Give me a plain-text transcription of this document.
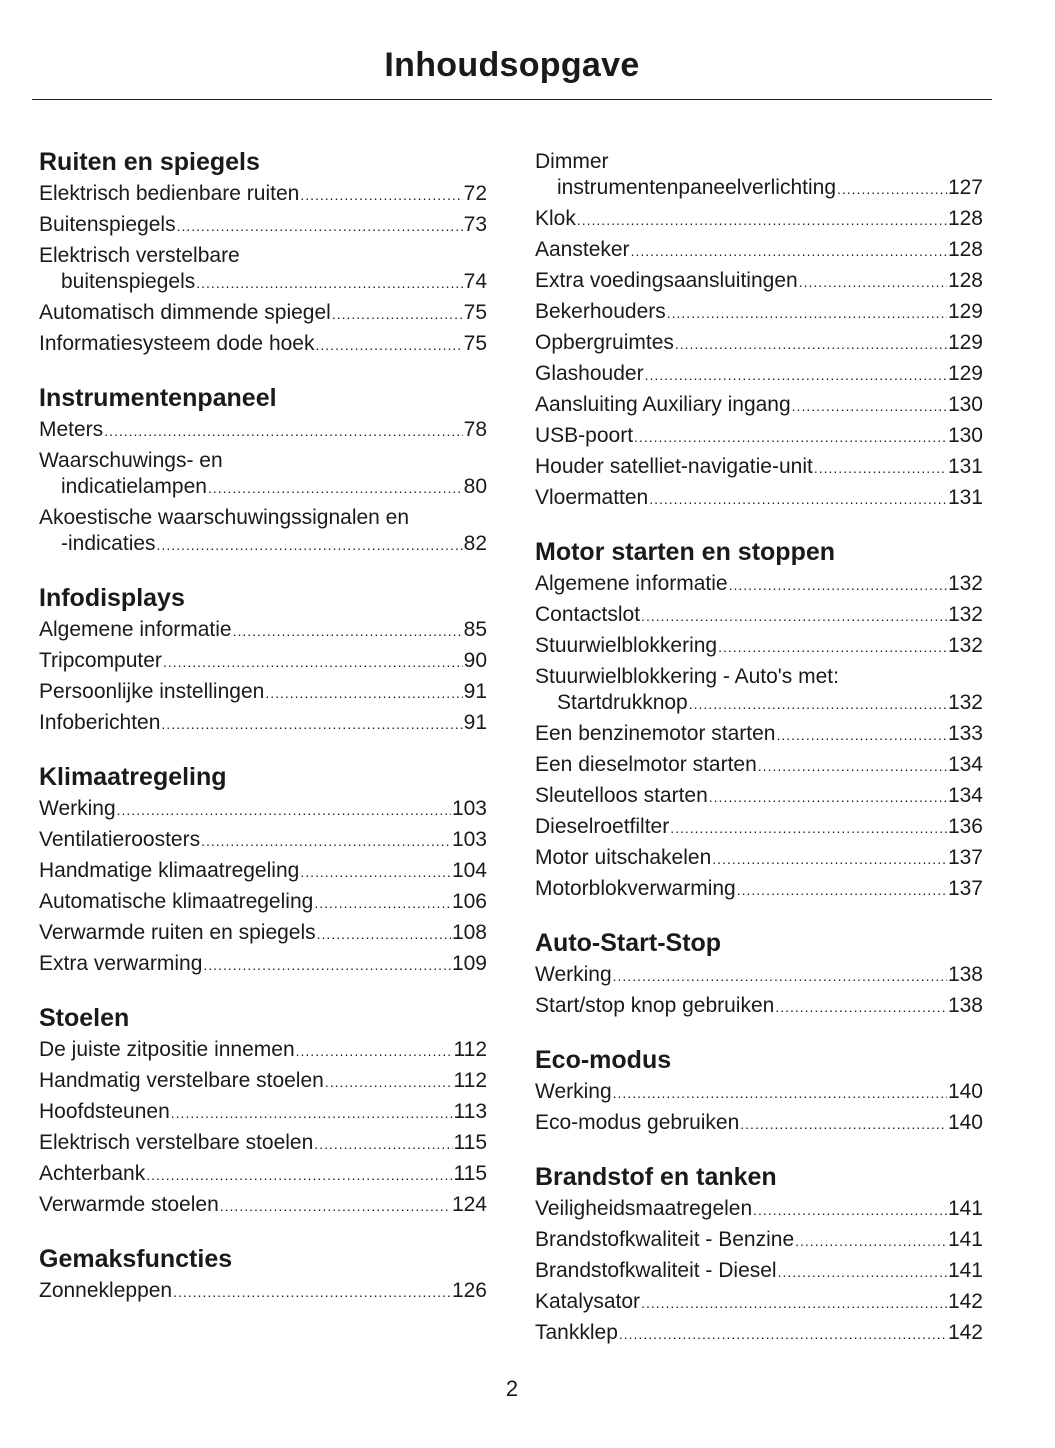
Inhoudsopgave
Ruiten en spiegels
Elektrisch bedienbare ruiten .....	72
Buitenspiegels .....	73
Elektrisch verstelbare
buitenspiegels .....	74
Automatisch dimmende spiegel .....	75
Informatiesysteem dode hoek .....	75
Instrumentenpaneel
Meters .....	78
Waarschuwings- en
indicatielampen .....	80
Akoestische waarschuwingssignalen en
-indicaties .....	82
Infodisplays
Algemene informatie .....	85
Tripcomputer .....	90
Persoonlijke instellingen .....	91
Infoberichten .....	91
Klimaatregeling
Werking .....	103
Ventilatieroosters .....	103
Handmatige klimaatregeling .....	104
Automatische klimaatregeling .....	106
Verwarmde ruiten en spiegels .....	108
Extra verwarming .....	109
Stoelen
De juiste zitpositie innemen .....	112
Handmatig verstelbare stoelen .....	112
Hoofdsteunen .....	113
Elektrisch verstelbare stoelen .....	115
Achterbank .....	115
Verwarmde stoelen .....	124
Gemaksfuncties
Zonnekleppen .....	126
Dimmer
instrumentenpaneelverlichting .....	127
Klok .....	128
Aansteker .....	128
Extra voedingsaansluitingen .....	128
Bekerhouders .....	129
Opbergruimtes .....	129
Glashouder .....	129
Aansluiting Auxiliary ingang .....	130
USB-poort .....	130
Houder satelliet-navigatie-unit .....	131
Vloermatten .....	131
Motor starten en stoppen
Algemene informatie .....	132
Contactslot .....	132
Stuurwielblokkering .....	132
Stuurwielblokkering - Auto's met:
Startdrukknop .....	132
Een benzinemotor starten .....	133
Een dieselmotor starten .....	134
Sleutelloos starten .....	134
Dieselroetfilter .....	136
Motor uitschakelen .....	137
Motorblokverwarming .....	137
Auto-Start-Stop
Werking .....	138
Start/stop knop gebruiken .....	138
Eco-modus
Werking .....	140
Eco-modus gebruiken .....	140
Brandstof en tanken
Veiligheidsmaatregelen .....	141
Brandstofkwaliteit - Benzine .....	141
Brandstofkwaliteit - Diesel .....	141
Katalysator .....	142
Tankklep .....	142
2
